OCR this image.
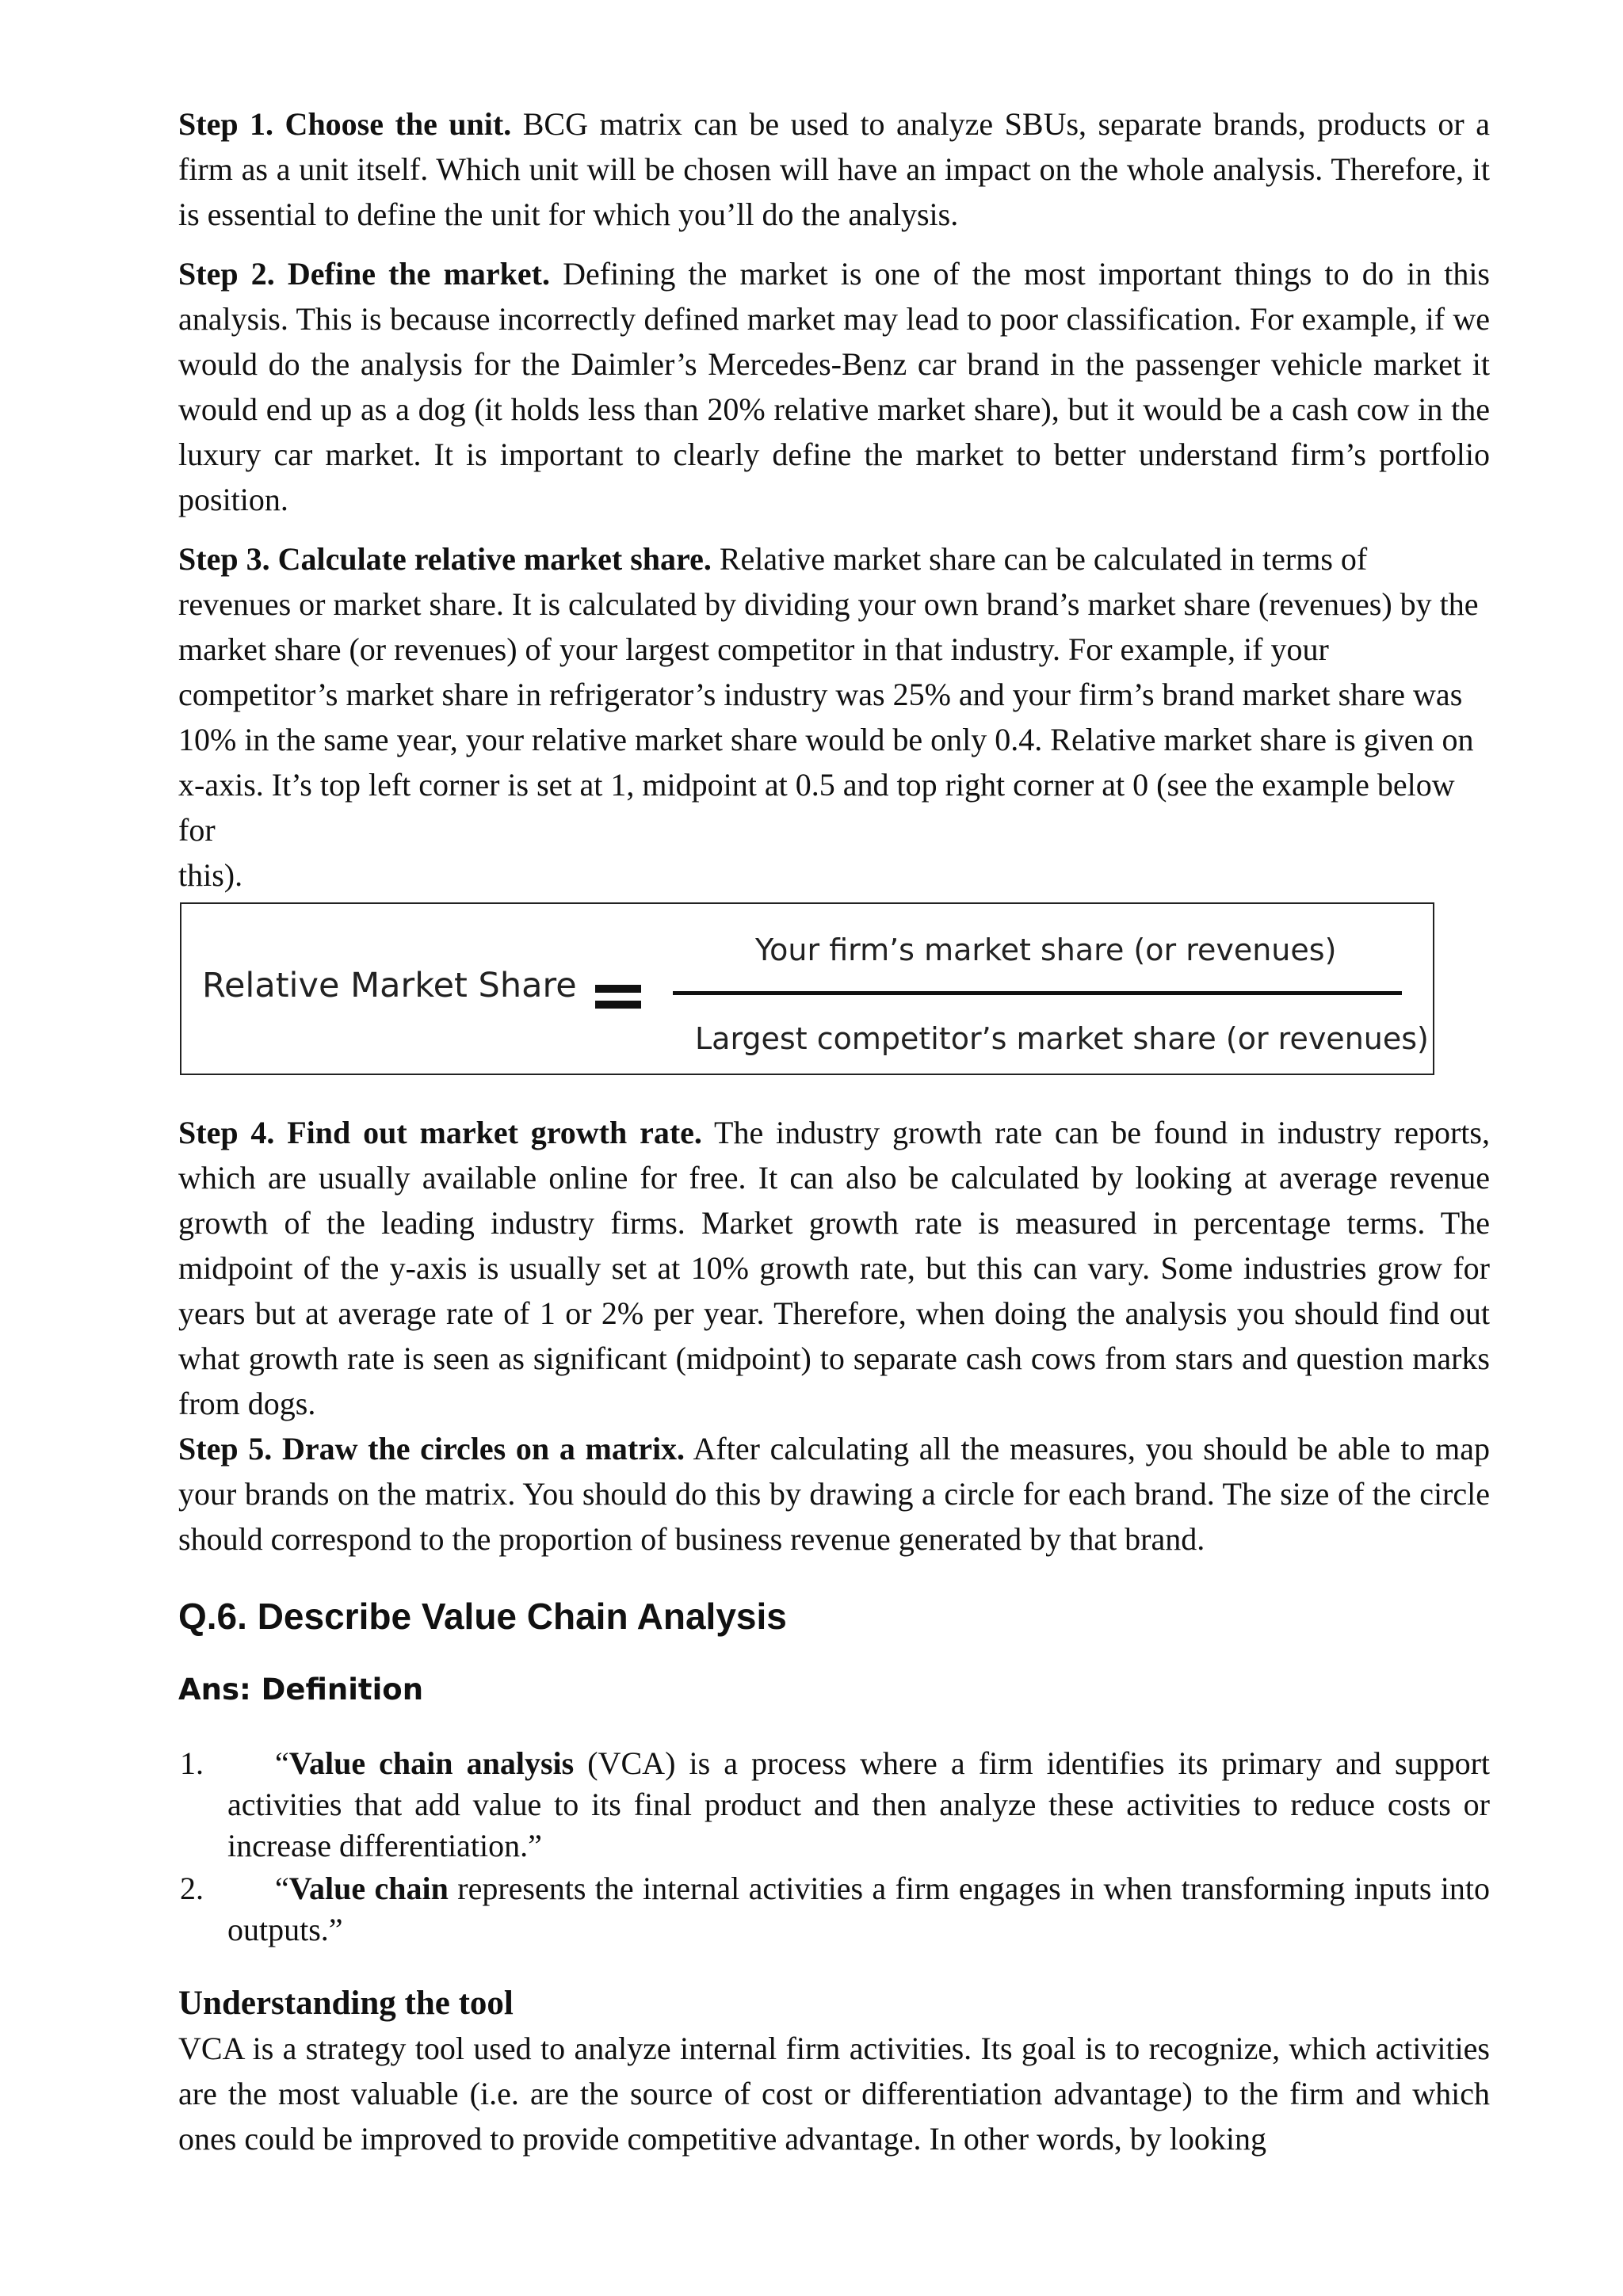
Step 1. Choose the unit. BCG matrix can be used to analyze SBUs, separate brands, products or a firm as a unit itself. Which unit will be chosen will have an impact on the whole analysis. Therefore, it is essential to define the unit for which you’ll do the analysis.

Step 2. Define the market. Defining the market is one of the most important things to do in this analysis. This is because incorrectly defined market may lead to poor classification. For example, if we would do the analysis for the Daimler’s Mercedes-Benz car brand in the passenger vehicle market it would end up as a dog (it holds less than 20% relative market share), but it would be a cash cow in the luxury car market. It is important to clearly define the market to better understand firm’s portfolio position.

Step 3. Calculate relative market share. Relative market share can be calculated in terms of revenues or market share. It is calculated by dividing your own brand’s market share (revenues) by the market share (or revenues) of your largest competitor in that industry. For example, if your competitor’s market share in refrigerator’s industry was 25% and your firm’s brand market share was 10% in the same year, your relative market share would be only 0.4. Relative market share is given on x-axis. It’s top left corner is set at 1, midpoint at 0.5 and top right corner at 0 (see the example below for
this).

Relative Market Share
Your firm’s market share (or revenues)
Largest competitor’s market share (or revenues)

Step 4. Find out market growth rate. The industry growth rate can be found in industry reports, which are usually available online for free. It can also be calculated by looking at average revenue growth of the leading industry firms. Market growth rate is measured in percentage terms. The midpoint of the y-axis is usually set at 10% growth rate, but this can vary. Some industries grow for years but at average rate of 1 or 2% per year. Therefore, when doing the analysis you should find out what growth rate is seen as significant (midpoint) to separate cash cows from stars and question marks from dogs.

Step 5. Draw the circles on a matrix. After calculating all the measures, you should be able to map your brands on the matrix. You should do this by drawing a circle for each brand. The size of the circle should correspond to the proportion of business revenue generated by that brand.

Q.6. Describe Value Chain Analysis
Ans: Definition
1. “Value chain analysis (VCA) is a process where a firm identifies its primary and support activities that add value to its final product and then analyze these activities to reduce costs or increase differentiation.”
2. “Value chain represents the internal activities a firm engages in when transforming inputs into outputs.”
Understanding the tool

VCA is a strategy tool used to analyze internal firm activities. Its goal is to recognize, which activities are the most valuable (i.e. are the source of cost or differentiation advantage) to the firm and which ones could be improved to provide competitive advantage. In other words, by looking
